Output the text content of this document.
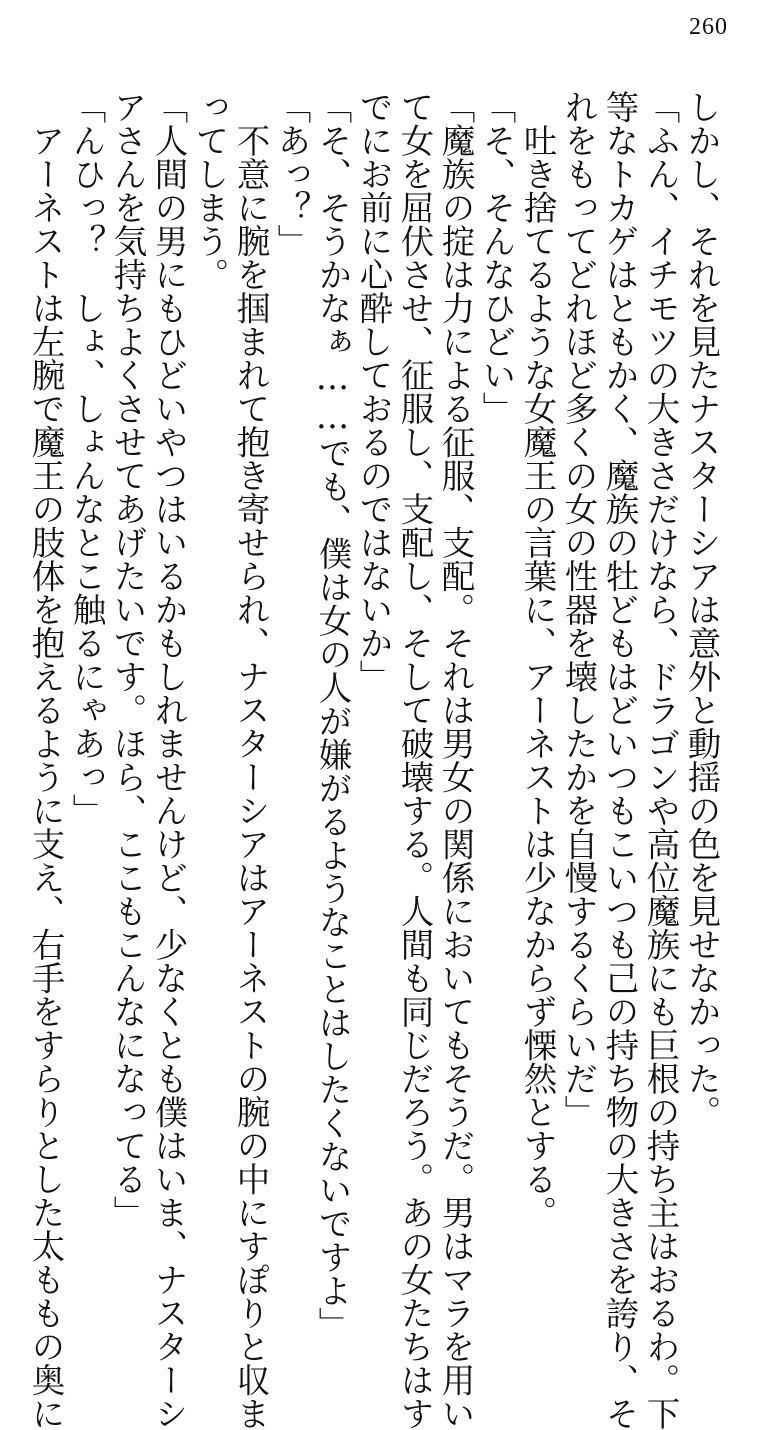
260

しかし、それを見たナスターシアは意外と動揺の色を見せなかった。

「ふん、イチモツの大きさだけなら、ドラゴンや高位魔族にも巨根の持ち主はおるわ。下

等なトカゲはともかく、魔族の牡どもはどいつもこいつも己の持ち物の大きさを誇り、そ

れをもってどれほど多くの女の性器を壊したかを自慢するくらいだ」

　吐き捨てるような女魔王の言葉に、アーネストは少なからず慄然とする。

「そ、そんなひどい」

「魔族の掟は力による征服、支配。それは男女の関係においてもそうだ。男はマラを用い

て女を屈伏させ、征服し、支配し、そして破壊する。人間も同じだろう。あの女たちはす

でにお前に心酔しておるのではないか」

「そ、そうかなぁ……でも、僕は女の人が嫌がるようなことはしたくないですよ」

「あっ？」

　不意に腕を掴まれて抱き寄せられ、ナスターシアはアーネストの腕の中にすぽりと収ま

ってしまう。

「人間の男にもひどいやつはいるかもしれませんけど、少なくとも僕はいま、ナスターシ

アさんを気持ちよくさせてあげたいです。ほら、ここもこんなになってる」

「んひっ？　しょ、しょんなとこ触るにゃあっ」

　アーネストは左腕で魔王の肢体を抱えるように支え、右手をすらりとした太ももの奥に
